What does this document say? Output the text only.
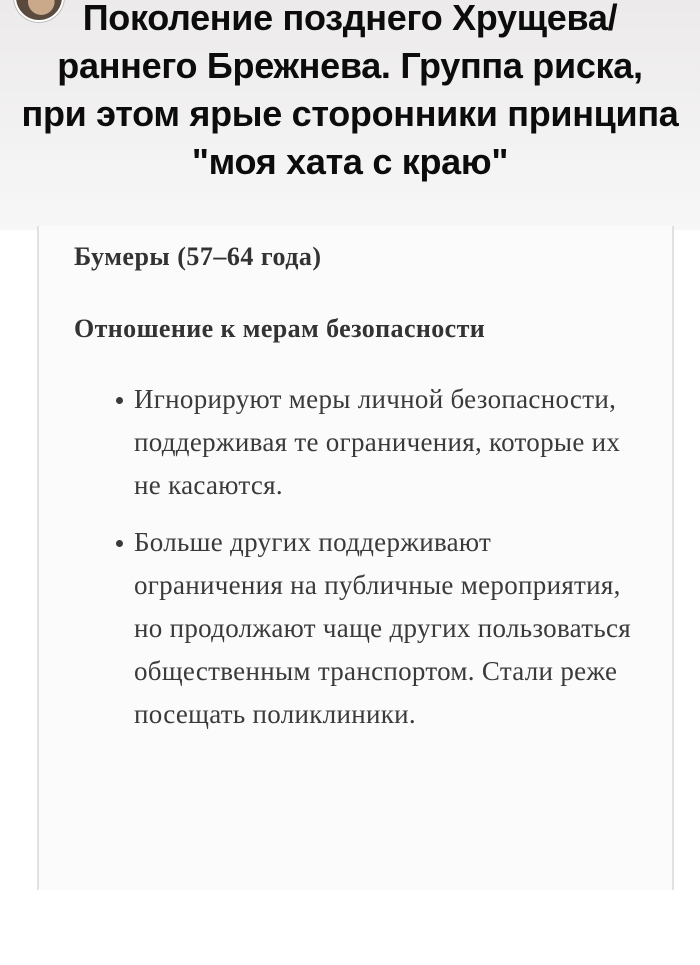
Поколение позднего Хрущева/ раннего Брежнева. Группа риска, при этом ярые сторонники принципа "моя хата с краю"
Бумеры (57–64 года)
Отношение к мерам безопасности
Игнорируют меры личной безопасности, поддерживая те ограничения, которые их не касаются.
Больше других поддерживают ограничения на публичные мероприятия, но продолжают чаще других пользоваться общественным транспортом. Стали реже посещать поликлиники.
